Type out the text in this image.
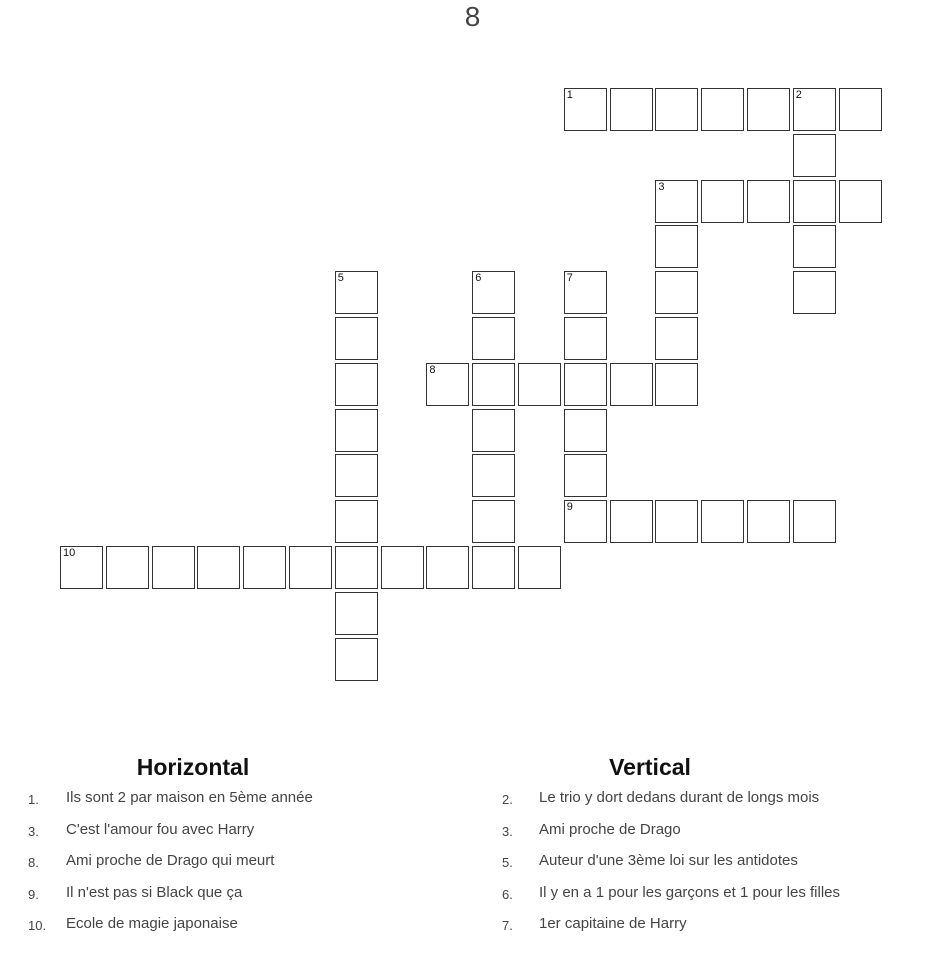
8
1	2
3
5	6	7
8
9
10
Horizontal
1. Ils sont 2 par maison en 5ème année
3. C'est l'amour fou avec Harry
8. Ami proche de Drago qui meurt
9. Il n'est pas si Black que ça
10. Ecole de magie japonaise
Vertical
2. Le trio y dort dedans durant de longs mois
3. Ami proche de Drago
5. Auteur d'une 3ème loi sur les antidotes
6. Il y en a 1 pour les garçons et 1 pour les filles
7. 1er capitaine de Harry
